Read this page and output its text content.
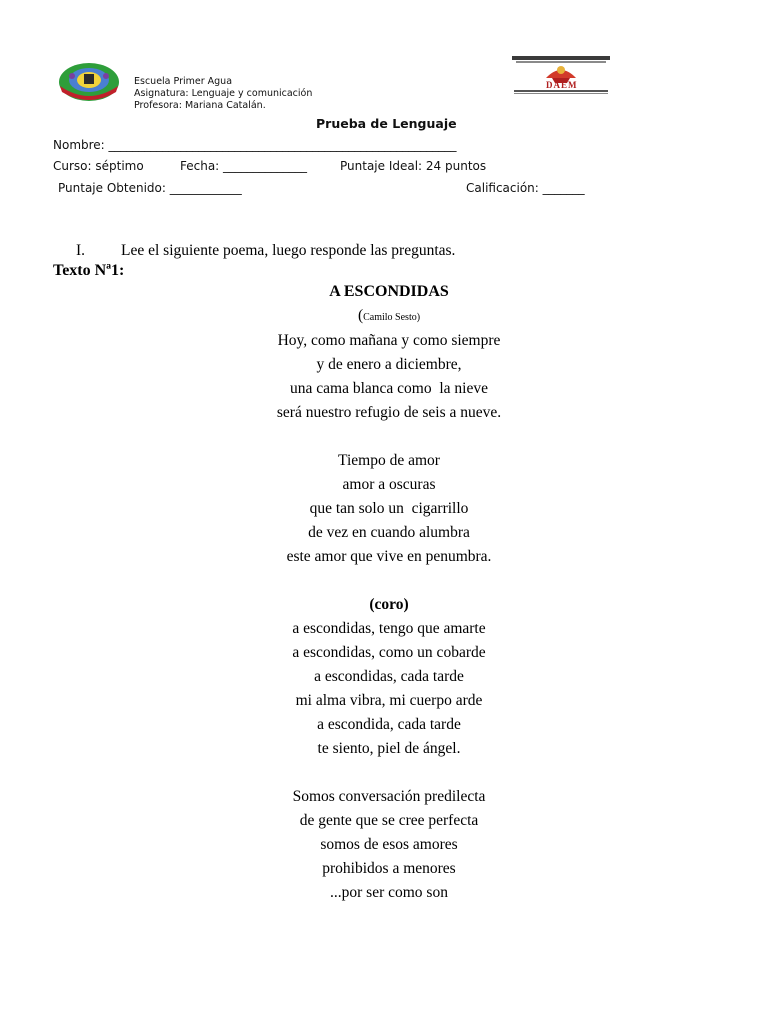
Escuela Primer Agua
Asignatura: Lenguaje y comunicación
Profesora: Mariana Catalán.
DAEM
Prueba de Lenguaje
Nombre: __________________________________________________________
Curso: séptimo	Fecha: ______________	Puntaje Ideal: 24 puntos
Puntaje Obtenido: ____________	Calificación: _______
I. Lee el siguiente poema, luego responde las preguntas.
Texto Nª1:
A ESCONDIDAS
(Camilo Sesto)
Hoy, como mañana y como siempre
y de enero a diciembre,
una cama blanca como  la nieve
será nuestro refugio de seis a nueve.
Tiempo de amor
amor a oscuras
que tan solo un  cigarrillo
de vez en cuando alumbra
este amor que vive en penumbra.
(coro)
a escondidas, tengo que amarte
a escondidas, como un cobarde
a escondidas, cada tarde
mi alma vibra, mi cuerpo arde
a escondida, cada tarde
te siento, piel de ángel.
Somos conversación predilecta
de gente que se cree perfecta
somos de esos amores
prohibidos a menores
...por ser como son
